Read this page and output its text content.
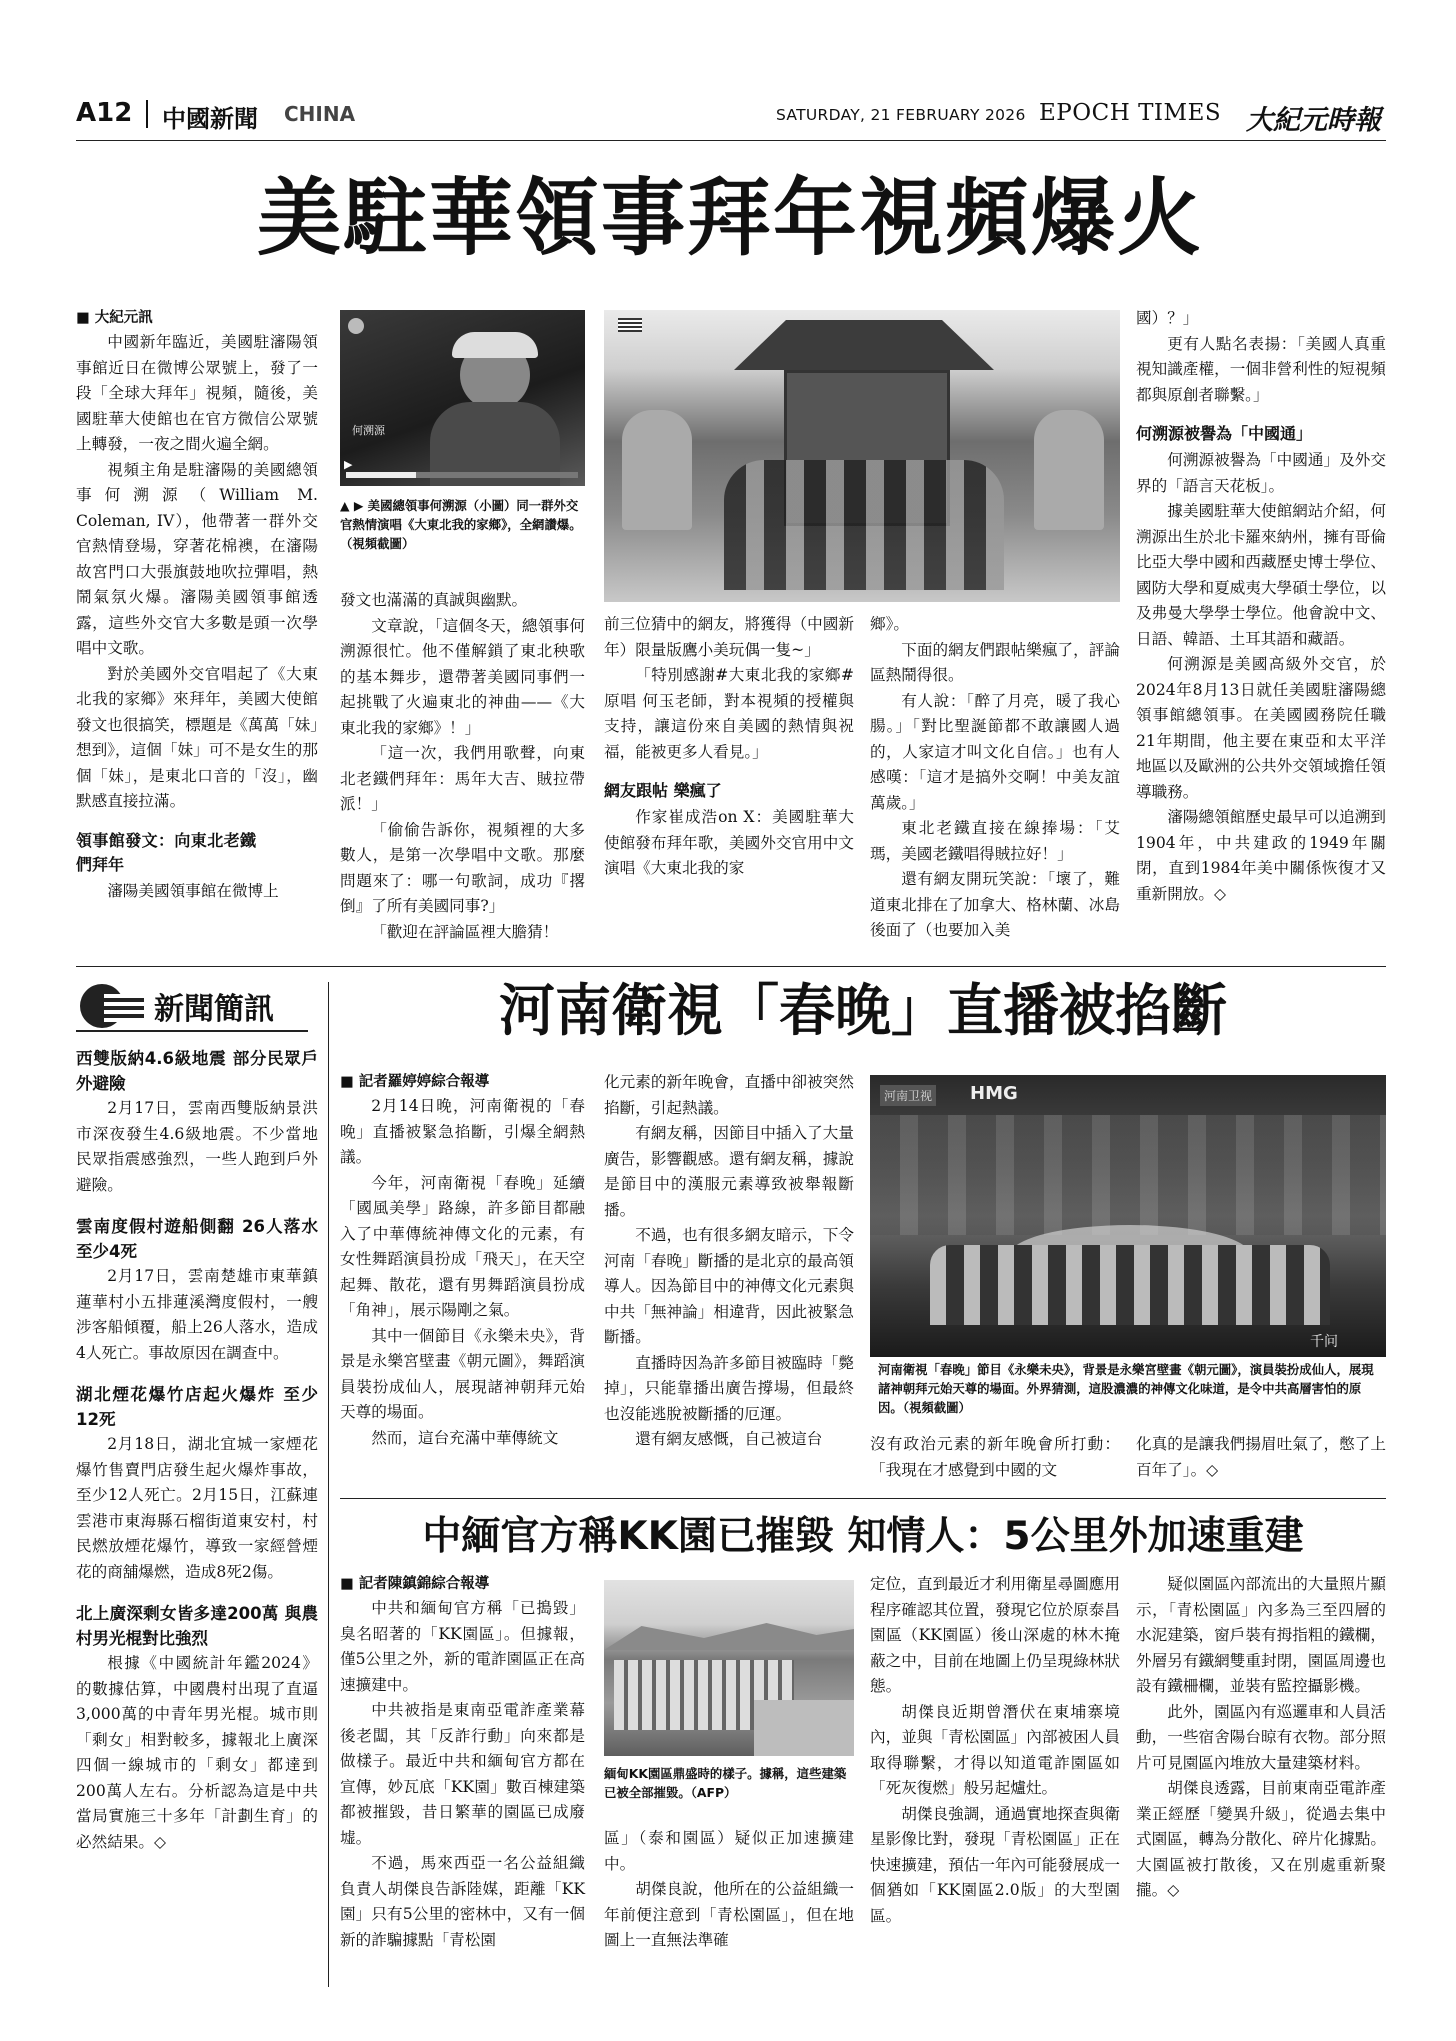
A12 中國新聞 CHINA	SATURDAY, 21 FEBRUARY 2026 EPOCH TIMES 大紀元時報
美駐華領事拜年視頻爆火
■ 大紀元訊

中國新年臨近，美國駐瀋陽領事館近日在微博公眾號上，發了一段「全球大拜年」視頻，隨後，美國駐華大使館也在官方微信公眾號上轉發，一夜之間火遍全網。

視頻主角是駐瀋陽的美國總領事何溯源（William M. Coleman, IV），他帶著一群外交官熱情登場，穿著花棉襖，在瀋陽故宮門口大張旗鼓地吹拉彈唱，熱鬧氣氛火爆。瀋陽美國領事館透露，這些外交官大多數是頭一次學唱中文歌。

對於美國外交官唱起了《大東北我的家鄉》來拜年，美國大使館發文也很搞笑，標題是《萬萬「妹」想到》，這個「妹」可不是女生的那個「妹」，是東北口音的「沒」，幽默感直接拉滿。

領事館發文：向東北老鐵們拜年

瀋陽美國領事館在微博上

何溯源
▶
▲ ▶ 美國總領事何溯源（小圖）同一群外交官熱情演唱《大東北我的家鄉》，全網讚爆。（視頻截圖）

發文也滿滿的真誠與幽默。

文章說，「這個冬天，總領事何溯源很忙。他不僅解鎖了東北秧歌的基本舞步，還帶著美國同事們一起挑戰了火遍東北的神曲——《大東北我的家鄉》！」

「這一次，我們用歌聲，向東北老鐵們拜年：馬年大吉、賊拉帶派！」

「偷偷告訴你，視頻裡的大多數人，是第一次學唱中文歌。那麼問題來了：哪一句歌詞，成功『撂倒』了所有美國同事?」

「歡迎在評論區裡大膽猜！

前三位猜中的網友，將獲得（中國新年）限量版鷹小美玩偶一隻~」

「特別感謝#大東北我的家鄉#原唱 何玉老師，對本視頻的授權與支持，讓這份來自美國的熱情與祝福，能被更多人看見。」

網友跟帖 樂瘋了

作家崔成浩on X：美國駐華大使館發布拜年歌，美國外交官用中文演唱《大東北我的家

鄉》。

下面的網友們跟帖樂瘋了，評論區熱鬧得很。

有人說：「醉了月亮，暖了我心腸。」「對比聖誕節都不敢讓國人過的，人家這才叫文化自信。」也有人感嘆：「這才是搞外交啊！中美友誼萬歲。」

東北老鐵直接在線捧場：「艾瑪，美國老鐵唱得賊拉好！」

還有網友開玩笑說：「壞了，難道東北排在了加拿大、格林蘭、冰島後面了（也要加入美

國）？」

更有人點名表揚：「美國人真重視知識產權，一個非營利性的短視頻都與原創者聯繫。」

何溯源被譽為「中國通」

何溯源被譽為「中國通」及外交界的「語言天花板」。

據美國駐華大使館網站介紹，何溯源出生於北卡羅來納州，擁有哥倫比亞大學中國和西藏歷史博士學位、國防大學和夏威夷大學碩士學位，以及弗曼大學學士學位。他會說中文、日語、韓語、土耳其語和藏語。

何溯源是美國高級外交官，於2024年8月13日就任美國駐瀋陽總領事館總領事。在美國國務院任職21年期間，他主要在東亞和太平洋地區以及歐洲的公共外交領域擔任領導職務。

瀋陽總領館歷史最早可以追溯到1904年，中共建政的1949年關閉，直到1984年美中關係恢復才又重新開放。◇

新聞簡訊
西雙版納4.6級地震 部分民眾戶外避險

2月17日，雲南西雙版納景洪市深夜發生4.6級地震。不少當地民眾指震感強烈，一些人跑到戶外避險。

雲南度假村遊船側翻 26人落水至少4死

2月17日，雲南楚雄市東華鎮蓮華村小五排蓮溪灣度假村，一艘涉客船傾覆，船上26人落水，造成4人死亡。事故原因在調查中。

湖北煙花爆竹店起火爆炸 至少12死

2月18日，湖北宜城一家煙花爆竹售賣門店發生起火爆炸事故，至少12人死亡。2月15日，江蘇連雲港市東海縣石榴街道東安村，村民燃放煙花爆竹，導致一家經營煙花的商舖爆燃，造成8死2傷。

北上廣深剩女皆多達200萬 與農村男光棍對比強烈

根據《中國統計年鑑2024》的數據估算，中國農村出現了直逼3,000萬的中青年男光棍。城市則「剩女」相對較多，據報北上廣深四個一線城市的「剩女」都達到200萬人左右。分析認為這是中共當局實施三十多年「計劃生育」的必然結果。◇

河南衛視「春晚」直播被掐斷
■ 記者羅婷婷綜合報導

2月14日晚，河南衛視的「春晚」直播被緊急掐斷，引爆全網熱議。

今年，河南衛視「春晚」延續「國風美學」路線，許多節目都融入了中華傳統神傳文化的元素，有女性舞蹈演員扮成「飛天」，在天空起舞、散花，還有男舞蹈演員扮成「角神」，展示陽剛之氣。

其中一個節目《永樂未央》，背景是永樂宮壁畫《朝元圖》，舞蹈演員裝扮成仙人，展現諸神朝拜元始天尊的場面。

然而，這台充滿中華傳統文

化元素的新年晚會，直播中卻被突然掐斷，引起熱議。

有網友稱，因節目中插入了大量廣告，影響觀感。還有網友稱，據說是節目中的漢服元素導致被舉報斷播。

不過，也有很多網友暗示，下令河南「春晚」斷播的是北京的最高領導人。因為節目中的神傳文化元素與中共「無神論」相違背，因此被緊急斷播。

直播時因為許多節目被臨時「斃掉」，只能靠播出廣告撐場，但最終也沒能逃脫被斷播的厄運。

還有網友感慨，自己被這台

河南卫视 HMG
千问
河南衛視「春晚」節目《永樂未央》，背景是永樂宮壁畫《朝元圖》，演員裝扮成仙人，展現諸神朝拜元始天尊的場面。外界猜測，這股濃濃的神傳文化味道，是令中共高層害怕的原因。（視頻截圖）

沒有政治元素的新年晚會所打動：「我現在才感覺到中國的文

化真的是讓我們揚眉吐氣了，憋了上百年了」。◇

中緬官方稱KK園已摧毀 知情人：5公里外加速重建
■ 記者陳鎮錦綜合報導

中共和緬甸官方稱「已搗毀」臭名昭著的「KK園區」。但據報，僅5公里之外，新的電詐園區正在高速擴建中。

中共被指是東南亞電詐產業幕後老闆，其「反詐行動」向來都是做樣子。最近中共和緬甸官方都在宣傳，妙瓦底「KK園」數百棟建築都被摧毀，昔日繁華的園區已成廢墟。

不過，馬來西亞一名公益組織負責人胡傑良告訴陸媒，距離「KK園」只有5公里的密林中，又有一個新的詐騙據點「青松園

緬甸KK園區鼎盛時的樣子。據稱，這些建築已被全部摧毀。（AFP）

區」（泰和園區）疑似正加速擴建中。

胡傑良說，他所在的公益組織一年前便注意到「青松園區」，但在地圖上一直無法準確

定位，直到最近才利用衛星尋圖應用程序確認其位置，發現它位於原泰昌園區（KK園區）後山深處的林木掩蔽之中，目前在地圖上仍呈現綠林狀態。

胡傑良近期曾潛伏在東埔寨境內，並與「青松園區」內部被困人員取得聯繫，才得以知道電詐園區如「死灰復燃」般另起爐灶。

胡傑良強調，通過實地探查與衛星影像比對，發現「青松園區」正在快速擴建，預估一年內可能發展成一個猶如「KK園區2.0版」的大型園區。

疑似園區內部流出的大量照片顯示，「青松園區」內多為三至四層的水泥建築，窗戶裝有拇指粗的鐵欄，外層另有鐵網雙重封閉，園區周邊也設有鐵柵欄，並裝有監控攝影機。

此外，園區內有巡邏車和人員活動，一些宿舍陽台晾有衣物。部分照片可見園區內堆放大量建築材料。

胡傑良透露，目前東南亞電詐產業正經歷「變異升級」，從過去集中式園區，轉為分散化、碎片化據點。大園區被打散後，又在別處重新聚攏。◇
